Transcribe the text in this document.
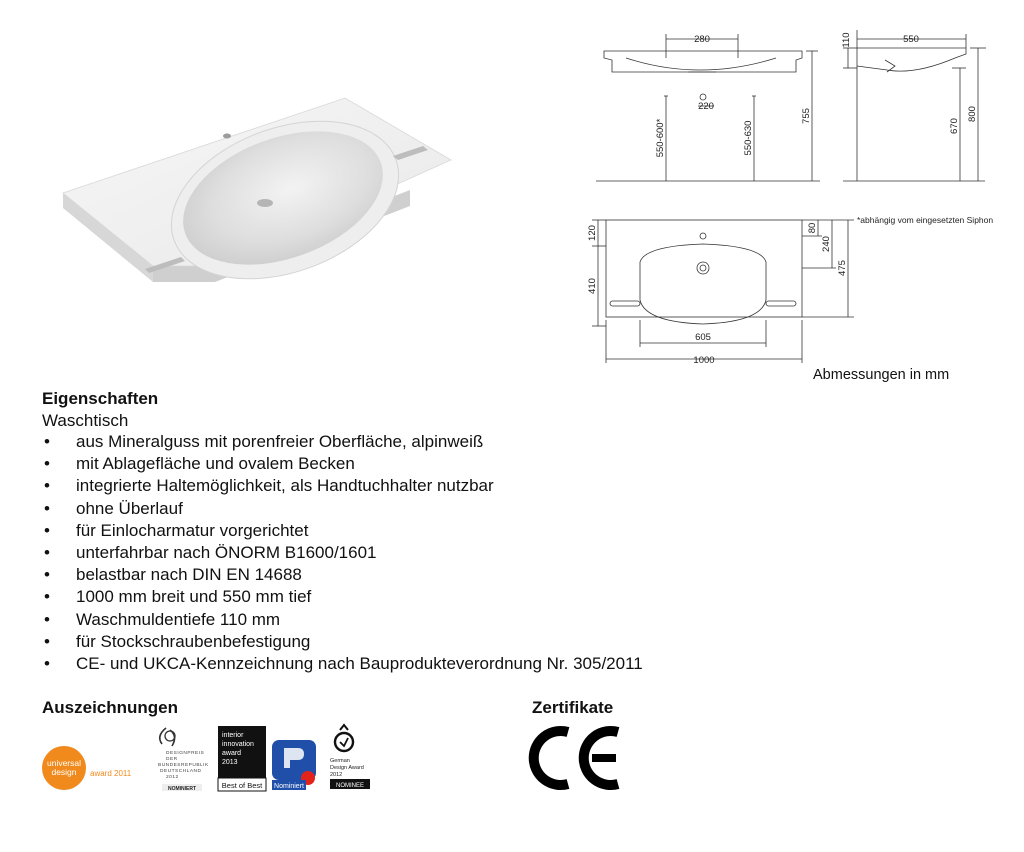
280	550
110
220
550-600*	550-630
755
670
800
120
410
80
240
475
605
1000
*abhängig vom eingesetzten Siphon
Abmessungen in mm
Eigenschaften
Waschtisch
• aus Mineralguss mit porenfreier Oberfläche, alpinweiß
• mit Ablagefläche und ovalem Becken
• integrierte Haltemöglichkeit, als Handtuchhalter nutzbar
• ohne Überlauf
• für Einlocharmatur vorgerichtet
• unterfahrbar nach ÖNORM B1600/1601
• belastbar nach DIN EN 14688
• 1000 mm breit und 550 mm tief
• Waschmuldentiefe 110 mm
• für Stockschraubenbefestigung
• CE- und UKCA-Kennzeichnung nach Bauprodukteverordnung Nr. 305/2011
Auszeichnungen	Zertifikate
universal
design award 2011
DESIGNPREIS
DER
BUNDESREPUBLIK
DEUTSCHLAND
2012
NOMINIERT
interior
innovation
award
2013
Best of Best Nominiert
German
Design Award
2012
NOMINEE
